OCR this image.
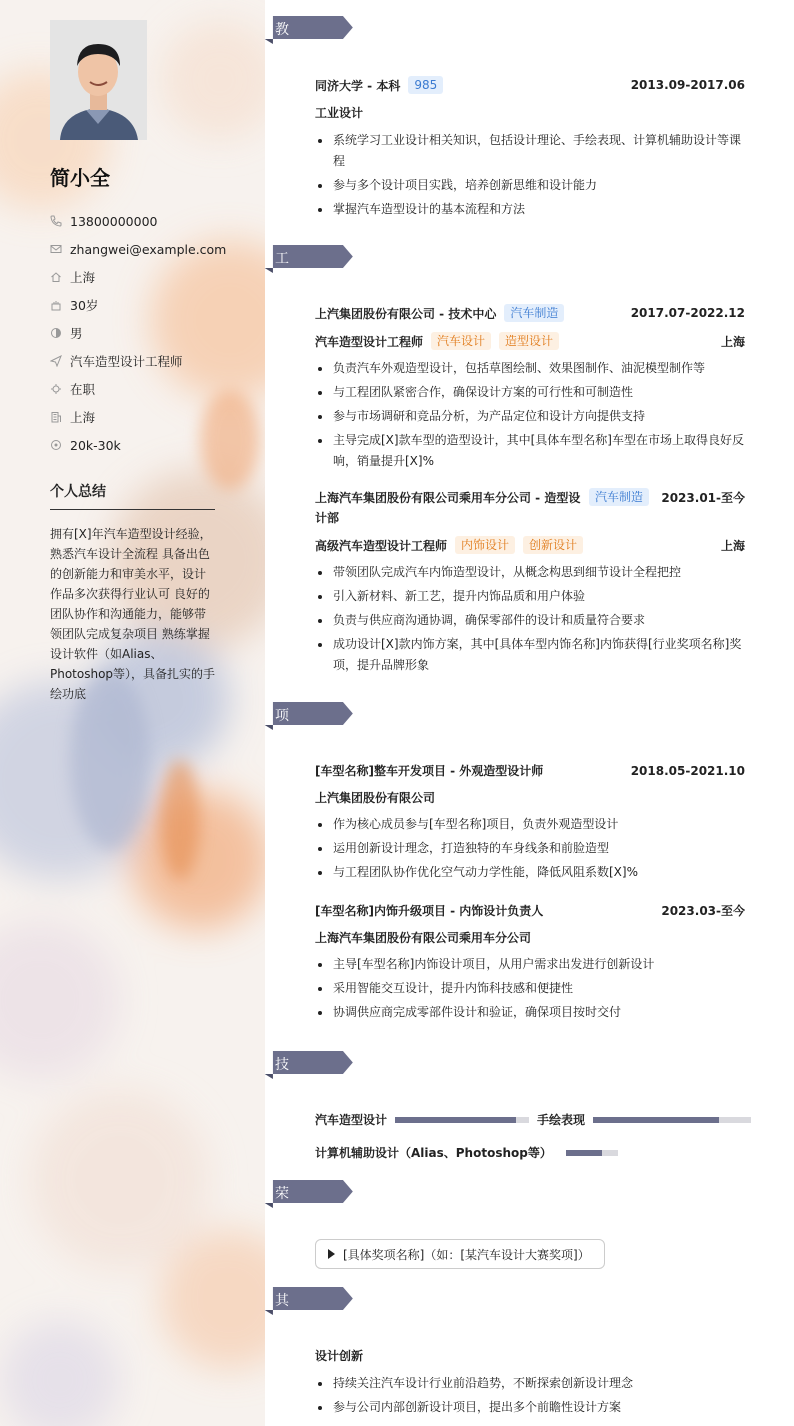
简小全
13800000000
zhangwei@example.com
上海
30岁
男
汽车造型设计工程师
在职
上海
20k-30k
个人总结
拥有[X]年汽车造型设计经验，熟悉汽车设计全流程 具备出色的创新能力和审美水平，设计作品多次获得行业认可 良好的团队协作和沟通能力，能够带领团队完成复杂项目 熟练掌握设计软件（如Alias、Photoshop等），具备扎实的手绘功底
教育经历
同济大学 - 本科	985	2013.09-2017.06
工业设计
系统学习工业设计相关知识，包括设计理论、手绘表现、计算机辅助设计等课程
参与多个设计项目实践，培养创新思维和设计能力
掌握汽车造型设计的基本流程和方法
工作经历
上汽集团股份有限公司 - 技术中心	汽车制造	2017.07-2022.12
汽车造型设计工程师	汽车设计	造型设计	上海
负责汽车外观造型设计，包括草图绘制、效果图制作、油泥模型制作等
与工程团队紧密合作，确保设计方案的可行性和可制造性
参与市场调研和竞品分析，为产品定位和设计方向提供支持
主导完成[X]款车型的造型设计，其中[具体车型名称]车型在市场上取得良好反响，销量提升[X]%
上海汽车集团股份有限公司乘用车分公司 - 造型设计部
汽车制造	2023.01-至今
高级汽车造型设计工程师	内饰设计	创新设计	上海
带领团队完成汽车内饰造型设计，从概念构思到细节设计全程把控
引入新材料、新工艺，提升内饰品质和用户体验
负责与供应商沟通协调，确保零部件的设计和质量符合要求
成功设计[X]款内饰方案，其中[具体车型内饰名称]内饰获得[行业奖项名称]奖项，提升品牌形象
项目经历
[车型名称]整车开发项目 - 外观造型设计师	2018.05-2021.10
上汽集团股份有限公司
作为核心成员参与[车型名称]项目，负责外观造型设计
运用创新设计理念，打造独特的车身线条和前脸造型
与工程团队协作优化空气动力学性能，降低风阻系数[X]%
[车型名称]内饰升级项目 - 内饰设计负责人	2023.03-至今
上海汽车集团股份有限公司乘用车分公司
主导[车型名称]内饰设计项目，从用户需求出发进行创新设计
采用智能交互设计，提升内饰科技感和便捷性
协调供应商完成零部件设计和验证，确保项目按时交付
技能专长
汽车造型设计	手绘表现
计算机辅助设计（Alias、Photoshop等）
荣誉奖项
[具体奖项名称]（如：[某汽车设计大赛奖项]）
其他信息
设计创新
持续关注汽车设计行业前沿趋势，不断探索创新设计理念
参与公司内部创新设计项目，提出多个前瞻性设计方案
